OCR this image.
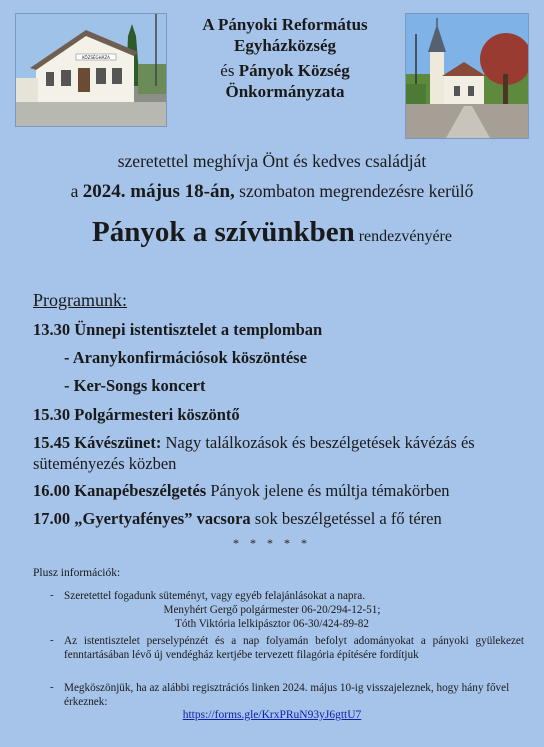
KÖZSÉGHÁZA
A Pányoki Református
Egyházközség
és Pányok Község
Önkormányzata
szeretettel meghívja Önt és kedves családját
a 2024. május 18-án, szombaton megrendezésre kerülő
Pányok a szívünkben rendezvényére
Programunk:
13.30 Ünnepi istentisztelet a templomban
- Aranykonfirmációsok köszöntése
- Ker-Songs koncert
15.30 Polgármesteri köszöntő
15.45 Kávészünet: Nagy találkozások és beszélgetések kávézás és süteményezés közben
16.00 Kanapébeszélgetés Pányok jelene és múltja témakörben
17.00 „Gyertyafényes” vacsora sok beszélgetéssel a fő téren
* * * * *
Plusz információk:
- Szeretettel fogadunk süteményt, vagy egyéb felajánlásokat a napra.
Menyhért Gergő polgármester 06-20/294-12-51;
Tóth Viktória lelkipásztor 06-30/424-89-82
- Az istentisztelet perselypénzét és a nap folyamán befolyt adományokat a pányoki gyülekezet fenntartásában lévő új vendégház kertjébe tervezett filagória építésére fordítjuk
- Megköszönjük, ha az alábbi regisztrációs linken 2024. május 10-ig visszajeleznek, hogy hány fővel érkeznek:
https://forms.gle/KrxPRuN93yJ6gttU7
